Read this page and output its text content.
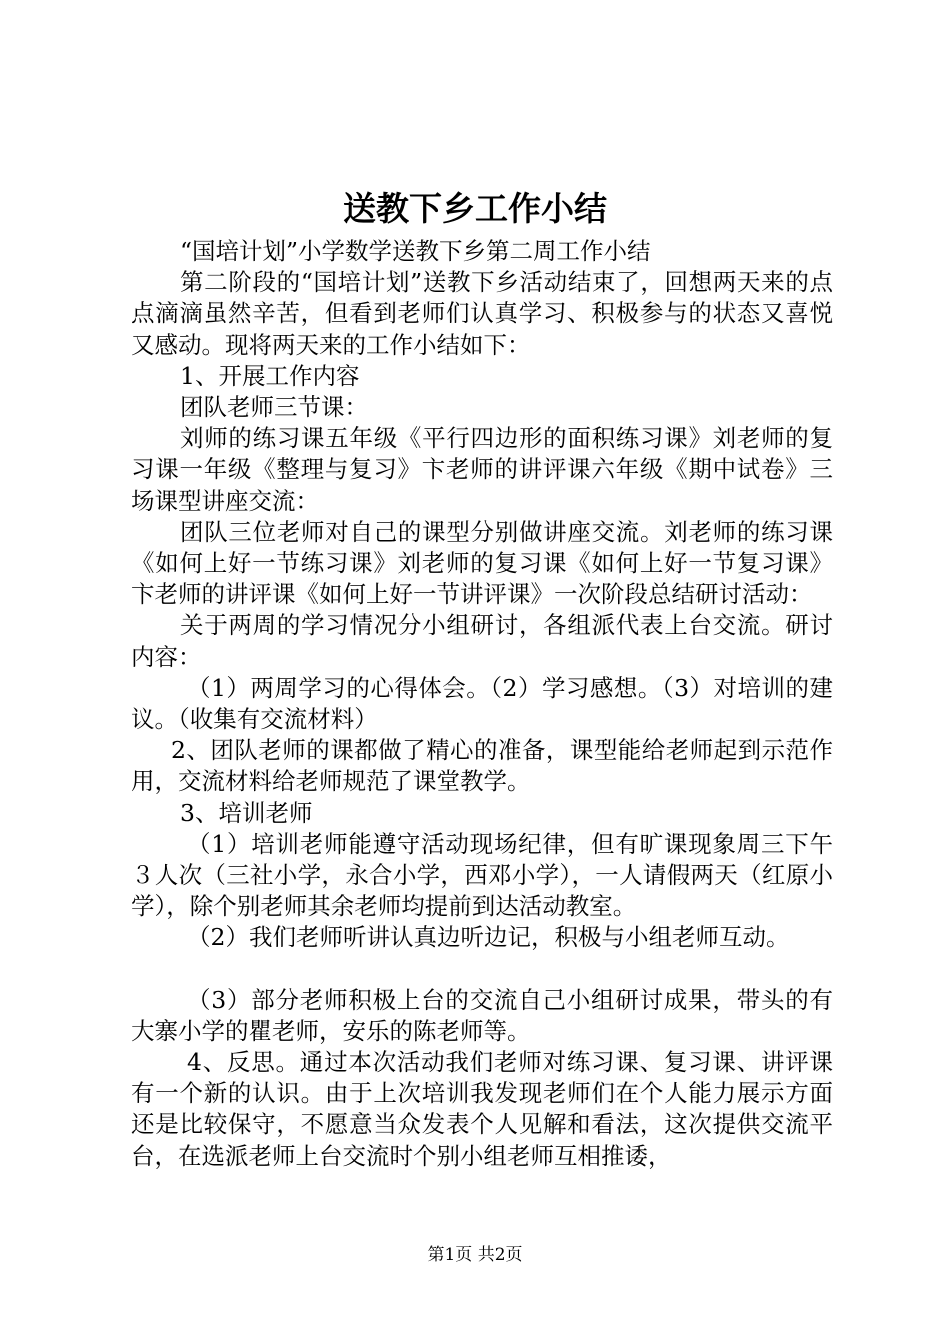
送教下乡工作小结

“国培计划”小学数学送教下乡第二周工作小结

第二阶段的“国培计划”送教下乡活动结束了，回想两天来的点点滴滴虽然辛苦，但看到老师们认真学习、积极参与的状态又喜悦又感动。现将两天来的工作小结如下：

1、开展工作内容

团队老师三节课：

刘师的练习课五年级《平行四边形的面积练习课》刘老师的复习课一年级《整理与复习》卞老师的讲评课六年级《期中试卷》三场课型讲座交流：

团队三位老师对自己的课型分别做讲座交流。刘老师的练习课《如何上好一节练习课》刘老师的复习课《如何上好一节复习课》卞老师的讲评课《如何上好一节讲评课》一次阶段总结研讨活动：

关于两周的学习情况分小组研讨，各组派代表上台交流。研讨内容：

（1）两周学习的心得体会。（2）学习感想。（3）对培训的建议。（收集有交流材料）

2、团队老师的课都做了精心的准备，课型能给老师起到示范作用，交流材料给老师规范了课堂教学。

3、培训老师

（1）培训老师能遵守活动现场纪律，但有旷课现象周三下午３人次（三社小学，永合小学，西邓小学），一人请假两天（红原小学），除个别老师其余老师均提前到达活动教室。

（2）我们老师听讲认真边听边记，积极与小组老师互动。

（3）部分老师积极上台的交流自己小组研讨成果，带头的有大寨小学的瞿老师，安乐的陈老师等。

4、反思。通过本次活动我们老师对练习课、复习课、讲评课有一个新的认识。由于上次培训我发现老师们在个人能力展示方面还是比较保守，不愿意当众发表个人见解和看法，这次提供交流平台，在选派老师上台交流时个别小组老师互相推诿，

第1页 共2页
